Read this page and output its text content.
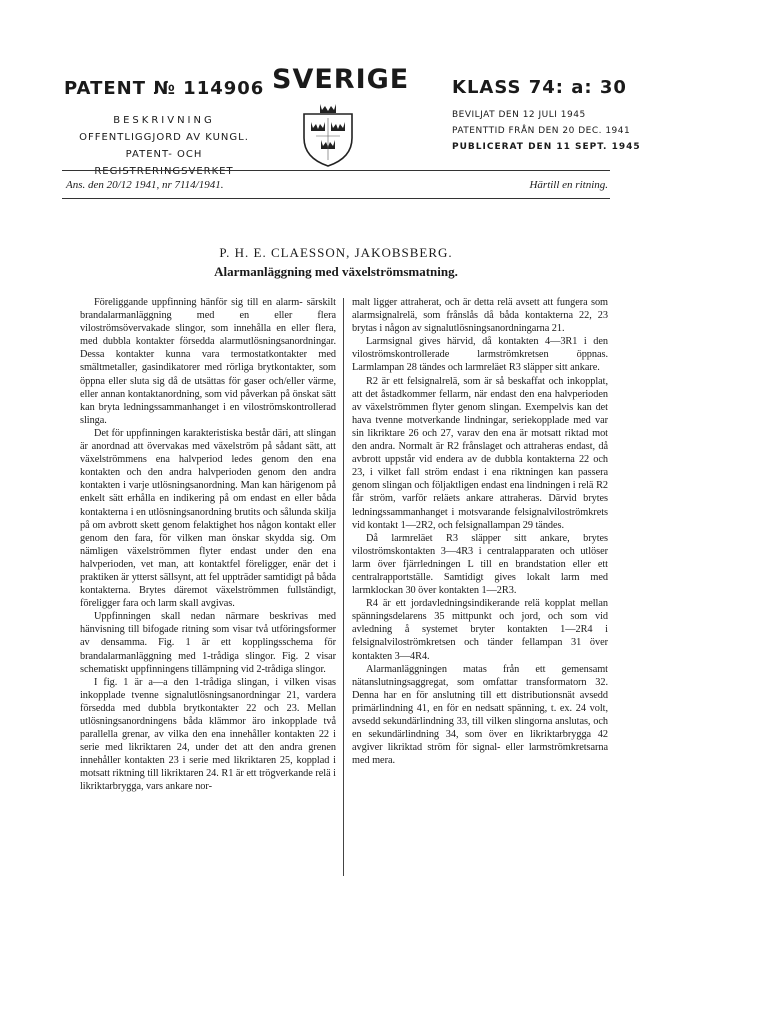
PATENT № 114906 SVERIGE KLASS 74: a: 30
BESKRIVNING
OFFENTLIGGJORD AV KUNGL.
PATENT- OCH REGISTRERINGSVERKET
BEVILJAT DEN 12 JULI 1945
PATENTTID FRÅN DEN 20 DEC. 1941
PUBLICERAT DEN 11 SEPT. 1945
Ans. den 20/12 1941, nr 7114/1941.	Härtill en ritning.
P. H. E. CLAESSON, JAKOBSBERG.
Alarmanläggning med växelströmsmatning.

Föreliggande uppfinning hänför sig till en alarm- särskilt brandalarmanläggning med en eller flera viloströmsövervakade slingor, som innehålla en eller flera, med dubbla kontakter försedda alarmutlösningsanordningar. Dessa kontakter kunna vara termostatkontakter med smältmetaller, gasindikatorer med rörliga brytkontakter, som öppna eller sluta sig då de utsättas för gaser och/eller värme, eller annan kontaktanordning, som vid påverkan på önskat sätt kan bryta ledningssammanhanget i en viloströmskontrollerad slinga.

Det för uppfinningen karakteristiska består däri, att slingan är anordnad att övervakas med växelström på sådant sätt, att växelströmmens ena halvperiod ledes genom den ena kontakten och den andra halvperioden genom den andra kontakten i varje utlösningsanordning. Man kan härigenom på enkelt sätt erhålla en indikering på om endast en eller båda kontakterna i en utlösningsanordning brutits och sålunda skilja på om avbrott skett genom felaktighet hos någon kontakt eller genom den fara, för vilken man önskar skydda sig. Om nämligen växelströmmen flyter endast under den ena halvperioden, vet man, att kontaktfel föreligger, enär det i praktiken är ytterst sällsynt, att fel uppträder samtidigt på båda kontakterna. Brytes däremot växelströmmen fullständigt, föreligger fara och larm skall avgivas.

Uppfinningen skall nedan närmare beskrivas med hänvisning till bifogade ritning som visar två utföringsformer av densamma. Fig. 1 är ett kopplingsschema för brandalarmanläggning med 1-trådiga slingor. Fig. 2 visar schematiskt uppfinningens tillämpning vid 2-trådiga slingor.

I fig. 1 är a—a den 1-trådiga slingan, i vilken visas inkopplade tvenne signalutlösningsanordningar 21, vardera försedda med dubbla brytkontakter 22 och 23. Mellan utlösningsanordningens båda klämmor äro inkopplade två parallella grenar, av vilka den ena innehåller kontakten 22 i serie med likriktaren 24, under det att den andra grenen innehåller kontakten 23 i serie med likriktaren 25, kopplad i motsatt riktning till likriktaren 24. R1 är ett trögverkande relä i likriktarbrygga, vars ankare nor-

malt ligger attraherat, och är detta relä avsett att fungera som alarmsignalrelä, som frånslås då båda kontakterna 22, 23 brytas i någon av signalutlösningsanordningarna 21.

Larmsignal gives härvid, då kontakten 4—3R1 i den viloströmskontrollerade larmströmkretsen öppnas. Larmlampan 28 tändes och larmreläet R3 släpper sitt ankare.

R2 är ett felsignalrelä, som är så beskaffat och inkopplat, att det åstadkommer fellarm, när endast den ena halvperioden av växelströmmen flyter genom slingan. Exempelvis kan det hava tvenne motverkande lindningar, seriekopplade med var sin likriktare 26 och 27, varav den ena är motsatt riktad mot den andra. Normalt är R2 frånslaget och attraheras endast, då avbrott uppstår vid endera av de dubbla kontakterna 22 och 23, i vilket fall ström endast i ena riktningen kan passera genom slingan och följaktligen endast ena lindningen i relä R2 får ström, varför reläets ankare attraheras. Därvid brytes ledningssammanhanget i motsvarande felsignalviloströmkrets vid kontakt 1—2R2, och felsignallampan 29 tändes.

Då larmreläet R3 släpper sitt ankare, brytes viloströmskontakten 3—4R3 i centralapparaten och utlöser larm över fjärrledningen L till en brandstation eller ett centralrapportställe. Samtidigt gives lokalt larm med larmklockan 30 över kontakten 1—2R3.

R4 är ett jordavledningsindikerande relä kopplat mellan spänningsdelarens 35 mittpunkt och jord, och som vid avledning å systemet bryter kontakten 1—2R4 i felsignalviloströmkretsen och tänder fellampan 31 över kontakten 3—4R4.

Alarmanläggningen matas från ett gemensamt nätanslutningsaggregat, som omfattar transformatorn 32. Denna har en för anslutning till ett distributionsnät avsedd primärlindning 41, en för en nedsatt spänning, t. ex. 24 volt, avsedd sekundärlindning 33, till vilken slingorna anslutas, och en sekundärlindning 34, som över en likriktarbrygga 42 avgiver likriktad ström för signal- eller larmströmkretsarna med mera.
